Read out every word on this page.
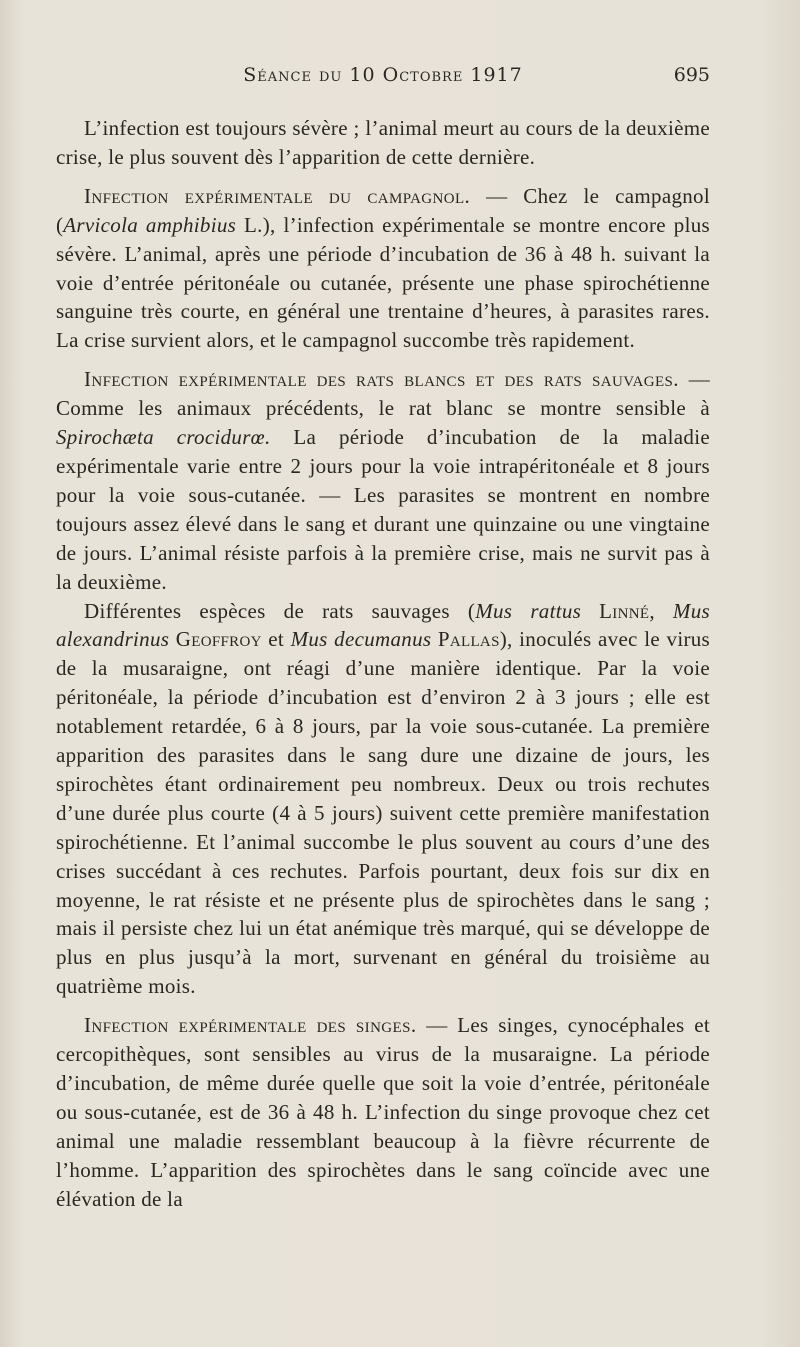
Séance du 10 Octobre 1917	695

L’infection est toujours sévère ; l’animal meurt au cours de la deuxième crise, le plus souvent dès l’apparition de cette dernière.

Infection expérimentale du campagnol. — Chez le campagnol (Arvicola amphibius L.), l’infection expérimentale se montre encore plus sévère. L’animal, après une période d’incubation de 36 à 48 h. suivant la voie d’entrée péritonéale ou cutanée, présente une phase spirochétienne sanguine très courte, en général une trentaine d’heures, à parasites rares. La crise survient alors, et le campagnol succombe très rapidement.

Infection expérimentale des rats blancs et des rats sauvages. — Comme les animaux précédents, le rat blanc se montre sensible à Spirochæta crocidurœ. La période d’incubation de la maladie expérimentale varie entre 2 jours pour la voie intrapéritonéale et 8 jours pour la voie sous-cutanée. — Les parasites se montrent en nombre toujours assez élevé dans le sang et durant une quinzaine ou une vingtaine de jours. L’animal résiste parfois à la première crise, mais ne survit pas à la deuxième.

Différentes espèces de rats sauvages (Mus rattus Linné, Mus alexandrinus Geoffroy et Mus decumanus Pallas), inoculés avec le virus de la musaraigne, ont réagi d’une manière identique. Par la voie péritonéale, la période d’incubation est d’environ 2 à 3 jours ; elle est notablement retardée, 6 à 8 jours, par la voie sous-cutanée. La première apparition des parasites dans le sang dure une dizaine de jours, les spirochètes étant ordinairement peu nombreux. Deux ou trois rechutes d’une durée plus courte (4 à 5 jours) suivent cette première manifestation spirochétienne. Et l’animal succombe le plus souvent au cours d’une des crises succédant à ces rechutes. Parfois pourtant, deux fois sur dix en moyenne, le rat résiste et ne présente plus de spirochètes dans le sang ; mais il persiste chez lui un état anémique très marqué, qui se développe de plus en plus jusqu’à la mort, survenant en général du troisième au quatrième mois.

Infection expérimentale des singes. — Les singes, cynocéphales et cercopithèques, sont sensibles au virus de la musaraigne. La période d’incubation, de même durée quelle que soit la voie d’entrée, péritonéale ou sous-cutanée, est de 36 à 48 h. L’infection du singe provoque chez cet animal une maladie ressemblant beaucoup à la fièvre récurrente de l’homme. L’apparition des spirochètes dans le sang coïncide avec une élévation de la
